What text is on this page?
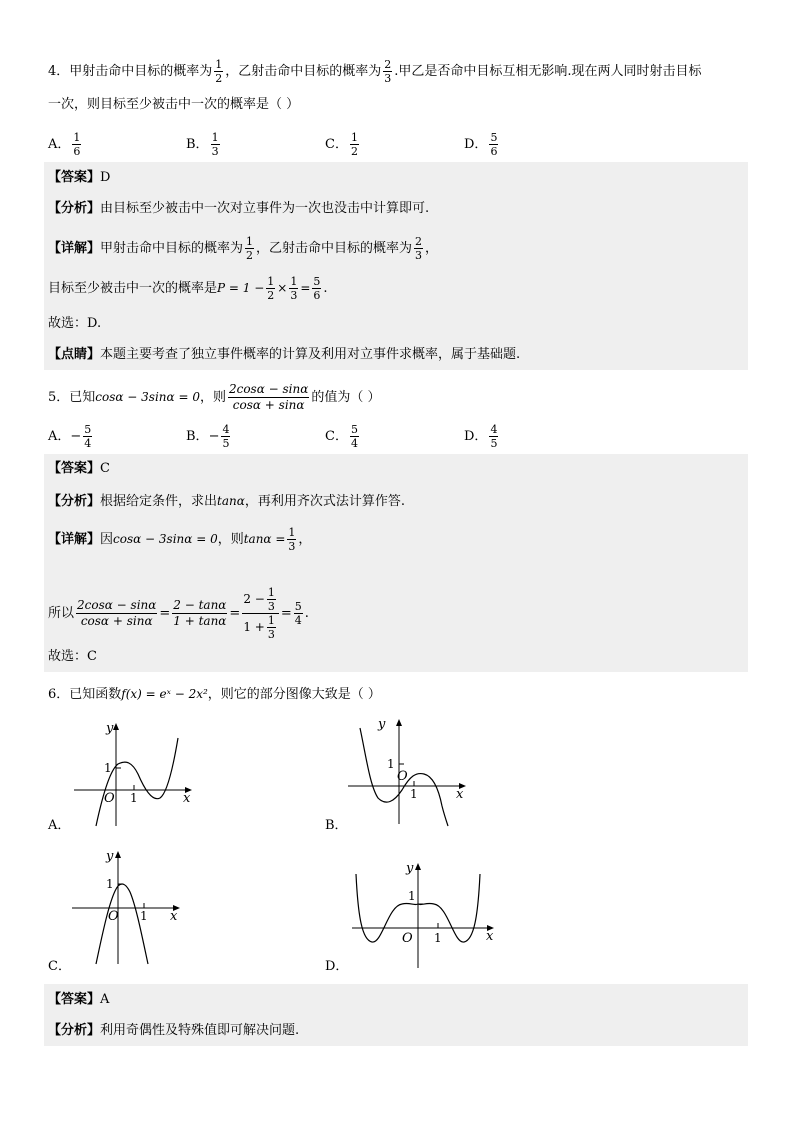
4．甲射击命中目标的概率为 $\frac{1}{2}$ ，乙射击命中目标的概率为 $\frac{2}{3}$ .甲乙是否命中目标互相无影响.现在两人同时射击目标
一次，则目标至少被击中一次的概率是（ ）
A． $\frac{1}{6}$	B． $\frac{1}{3}$	C． $\frac{1}{2}$	D． $\frac{5}{6}$
【答案】D
【分析】由目标至少被击中一次对立事件为一次也没击中计算即可.
【详解】甲射击命中目标的概率为 $\frac{1}{2}$ ，乙射击命中目标的概率为 $\frac{2}{3}$ ，
目标至少被击中一次的概率是$P = 1 - \frac{1}{2} \times \frac{1}{3} = \frac{5}{6}$ .
故选：D.
【点睛】本题主要考查了独立事件概率的计算及利用对立事件求概率，属于基础题.
5．已知cosα − 3sinα = 0，则 $\frac{2\cos\alpha - \sin\alpha}{\cos\alpha + \sin\alpha}$ 的值为（ ）
A．− $\frac{5}{4}$	B．− $\frac{4}{5}$	C． $\frac{5}{4}$	D． $\frac{4}{5}$
【答案】C
【分析】根据给定条件，求出tanα，再利用齐次式法计算作答.
【详解】因cosα − 3sinα = 0，则$\tan\alpha = \frac{1}{3}$ ，
所以 $\frac{2\cos\alpha - \sin\alpha}{\cos\alpha + \sin\alpha} = \frac{2 - \tan\alpha}{1 + \tan\alpha} = \frac{2 - \frac{1}{3}}{1 + \frac{1}{3}} = \frac{5}{4}$ .
故选：C
6．已知函数f(x) = eˣ − 2x²，则它的部分图像大致是（ ）
y
x
O 1
1
A．
y
x
O
1
1
B．
y
x
O 1
1
C．
y
x
O 1
1
D．
【答案】A
【分析】利用奇偶性及特殊值即可解决问题.
